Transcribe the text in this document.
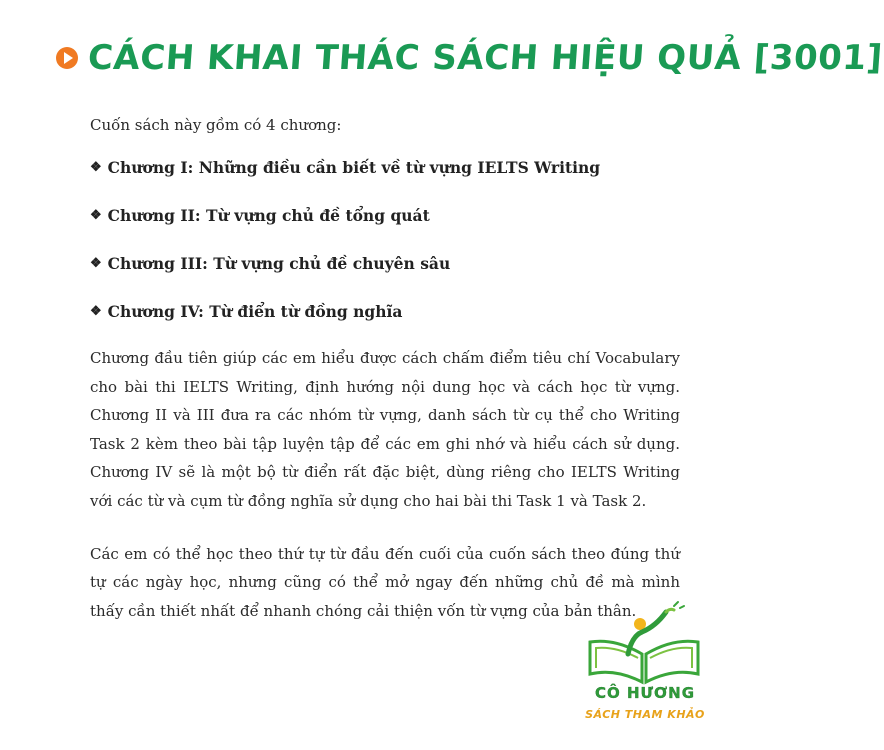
CÁCH KHAI THÁC SÁCH HIỆU QUẢ [3001]

Cuốn sách này gồm có 4 chương:

❖ Chương I: Những điều cần biết về từ vựng IELTS Writing
❖ Chương II: Từ vựng chủ đề tổng quát
❖ Chương III: Từ vựng chủ đề chuyên sâu
❖ Chương IV: Từ điển từ đồng nghĩa

Chương đầu tiên giúp các em hiểu được cách chấm điểm tiêu chí Vocabulary cho bài thi IELTS Writing, định hướng nội dung học và cách học từ vựng. Chương II và III đưa ra các nhóm từ vựng, danh sách từ cụ thể cho Writing Task 2 kèm theo bài tập luyện tập để các em ghi nhớ và hiểu cách sử dụng. Chương IV sẽ là một bộ từ điển rất đặc biệt, dùng riêng cho IELTS Writing với các từ và cụm từ đồng nghĩa sử dụng cho hai bài thi Task 1 và Task 2.

Các em có thể học theo thứ tự từ đầu đến cuối của cuốn sách theo đúng thứ tự các ngày học, nhưng cũng có thể mở ngay đến những chủ đề mà mình thấy cần thiết nhất để nhanh chóng cải thiện vốn từ vựng của bản thân.

CÔ HƯƠNG
SÁCH THAM KHẢO
